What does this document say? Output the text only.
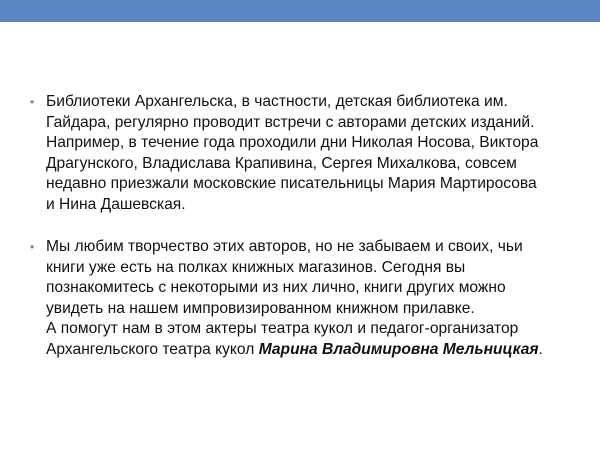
• Библиотеки Архангельска, в частности, детская библиотека им.
Гайдара, регулярно проводит встречи с авторами детских изданий.
Например, в течение года проходили дни Николая Носова, Виктора
Драгунского, Владислава Крапивина, Сергея Михалкова, совсем
недавно приезжали московские писательницы Мария Мартиросова
и Нина Дашевская.
• Мы любим творчество этих авторов, но не забываем и своих, чьи
книги уже есть на полках книжных магазинов. Сегодня вы
познакомитесь с некоторыми из них лично, книги других можно
увидеть на нашем импровизированном книжном прилавке.
А помогут нам в этом актеры театра кукол и педагог-организатор
Архангельского театра кукол Марина Владимировна Мельницкая.
